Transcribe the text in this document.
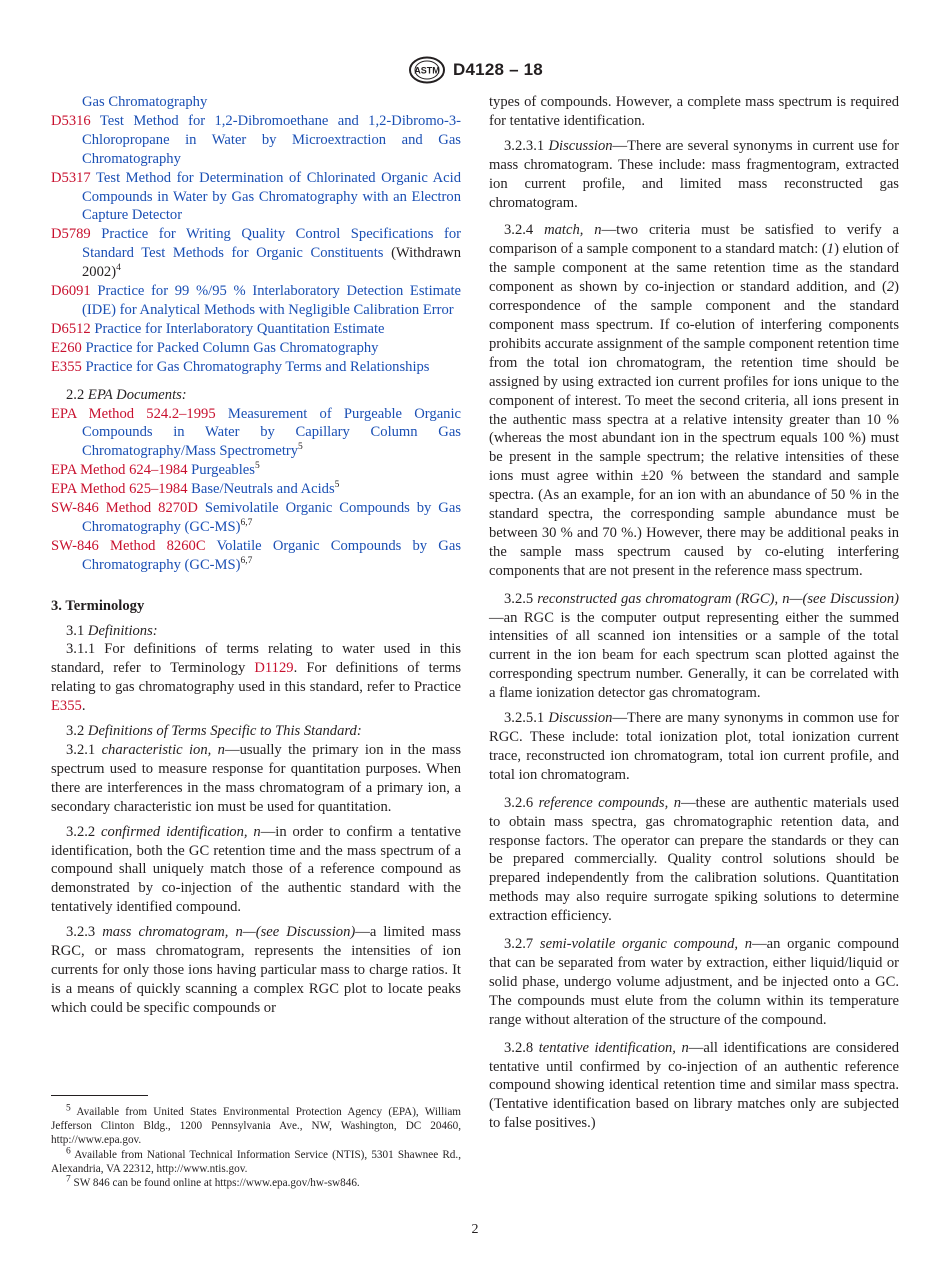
ASTM D4128 – 18
Gas Chromatography
D5316 Test Method for 1,2-Dibromoethane and 1,2-Dibromo-3-Chloropropane in Water by Microextraction and Gas Chromatography
D5317 Test Method for Determination of Chlorinated Organic Acid Compounds in Water by Gas Chromatography with an Electron Capture Detector
D5789 Practice for Writing Quality Control Specifications for Standard Test Methods for Organic Constituents (Withdrawn 2002)$^4$
D6091 Practice for 99 %/95 % Interlaboratory Detection Estimate (IDE) for Analytical Methods with Negligible Calibration Error
D6512 Practice for Interlaboratory Quantitation Estimate
E260 Practice for Packed Column Gas Chromatography
E355 Practice for Gas Chromatography Terms and Relationships
2.2 EPA Documents:
EPA Method 524.2–1995 Measurement of Purgeable Organic Compounds in Water by Capillary Column Gas Chromatography/Mass Spectrometry$^5$
EPA Method 624–1984 Purgeables$^5$
EPA Method 625–1984 Base/Neutrals and Acids$^5$
SW-846 Method 8270D Semivolatile Organic Compounds by Gas Chromatography $(GC-MS)^{6,7}$
SW-846 Method 8260C Volatile Organic Compounds by Gas Chromatography $(GC-MS)^{6,7}$
3. Terminology
3.1 Definitions:
3.1.1 For definitions of terms relating to water used in this standard, refer to Terminology D1129. For definitions of terms relating to gas chromatography used in this standard, refer to Practice E355.
3.2 Definitions of Terms Specific to This Standard:
3.2.1 characteristic ion, n—usually the primary ion in the mass spectrum used to measure response for quantitation purposes. When there are interferences in the mass chromatogram of a primary ion, a secondary characteristic ion must be used for quantitation.
3.2.2 confirmed identification, n—in order to confirm a tentative identification, both the GC retention time and the mass spectrum of a compound shall uniquely match those of a reference compound as demonstrated by co-injection of the authentic standard with the tentatively identified compound.
3.2.3 mass chromatogram, n—(see Discussion)—a limited mass RGC, or mass chromatogram, represents the intensities of ion currents for only those ions having particular mass to charge ratios. It is a means of quickly scanning a complex RGC plot to locate peaks which could be specific compounds or
types of compounds. However, a complete mass spectrum is required for tentative identification.
3.2.3.1 Discussion—There are several synonyms in current use for mass chromatogram. These include: mass fragmentogram, extracted ion current profile, and limited mass reconstructed gas chromatogram.
3.2.4 match, n—two criteria must be satisfied to verify a comparison of a sample component to a standard match: (1) elution of the sample component at the same retention time as the standard component as shown by co-injection or standard addition, and (2) correspondence of the sample component and the standard component mass spectrum. If co-elution of interfering components prohibits accurate assignment of the sample component retention time from the total ion chromatogram, the retention time should be assigned by using extracted ion current profiles for ions unique to the component of interest. To meet the second criteria, all ions present in the authentic mass spectra at a relative intensity greater than 10 % (whereas the most abundant ion in the spectrum equals 100 %) must be present in the sample spectrum; the relative intensities of these ions must agree within ±20 % between the standard and sample spectra. (As an example, for an ion with an abundance of 50 % in the standard spectra, the corresponding sample abundance must be between 30 % and 70 %.) However, there may be additional peaks in the sample mass spectrum caused by co-eluting interfering components that are not present in the reference mass spectrum.
3.2.5 reconstructed gas chromatogram (RGC), n—(see Discussion)—an RGC is the computer output representing either the summed intensities of all scanned ion intensities or a sample of the total current in the ion beam for each spectrum scan plotted against the corresponding spectrum number. Generally, it can be correlated with a flame ionization detector gas chromatogram.
3.2.5.1 Discussion—There are many synonyms in common use for RGC. These include: total ionization plot, total ionization current trace, reconstructed ion chromatogram, total ion current profile, and total ion chromatogram.
3.2.6 reference compounds, n—these are authentic materials used to obtain mass spectra, gas chromatographic retention data, and response factors. The operator can prepare the standards or they can be prepared commercially. Quality control solutions should be prepared independently from the calibration solutions. Quantitation methods may also require surrogate spiking solutions to determine extraction efficiency.
3.2.7 semi-volatile organic compound, n—an organic compound that can be separated from water by extraction, either liquid/liquid or solid phase, undergo volume adjustment, and be injected onto a GC. The compounds must elute from the column within its temperature range without alteration of the structure of the compound.
3.2.8 tentative identification, n—all identifications are considered tentative until confirmed by co-injection of an authentic reference compound showing identical retention time and similar mass spectra. (Tentative identification based on library matches only are subjected to false positives.)
$^5$ Available from United States Environmental Protection Agency (EPA), William Jefferson Clinton Bldg., 1200 Pennsylvania Ave., NW, Washington, DC 20460, http://www.epa.gov.
$^6$ Available from National Technical Information Service (NTIS), 5301 Shawnee Rd., Alexandria, VA 22312, http://www.ntis.gov.
$^7$ SW 846 can be found online at https://www.epa.gov/hw-sw846.
2
